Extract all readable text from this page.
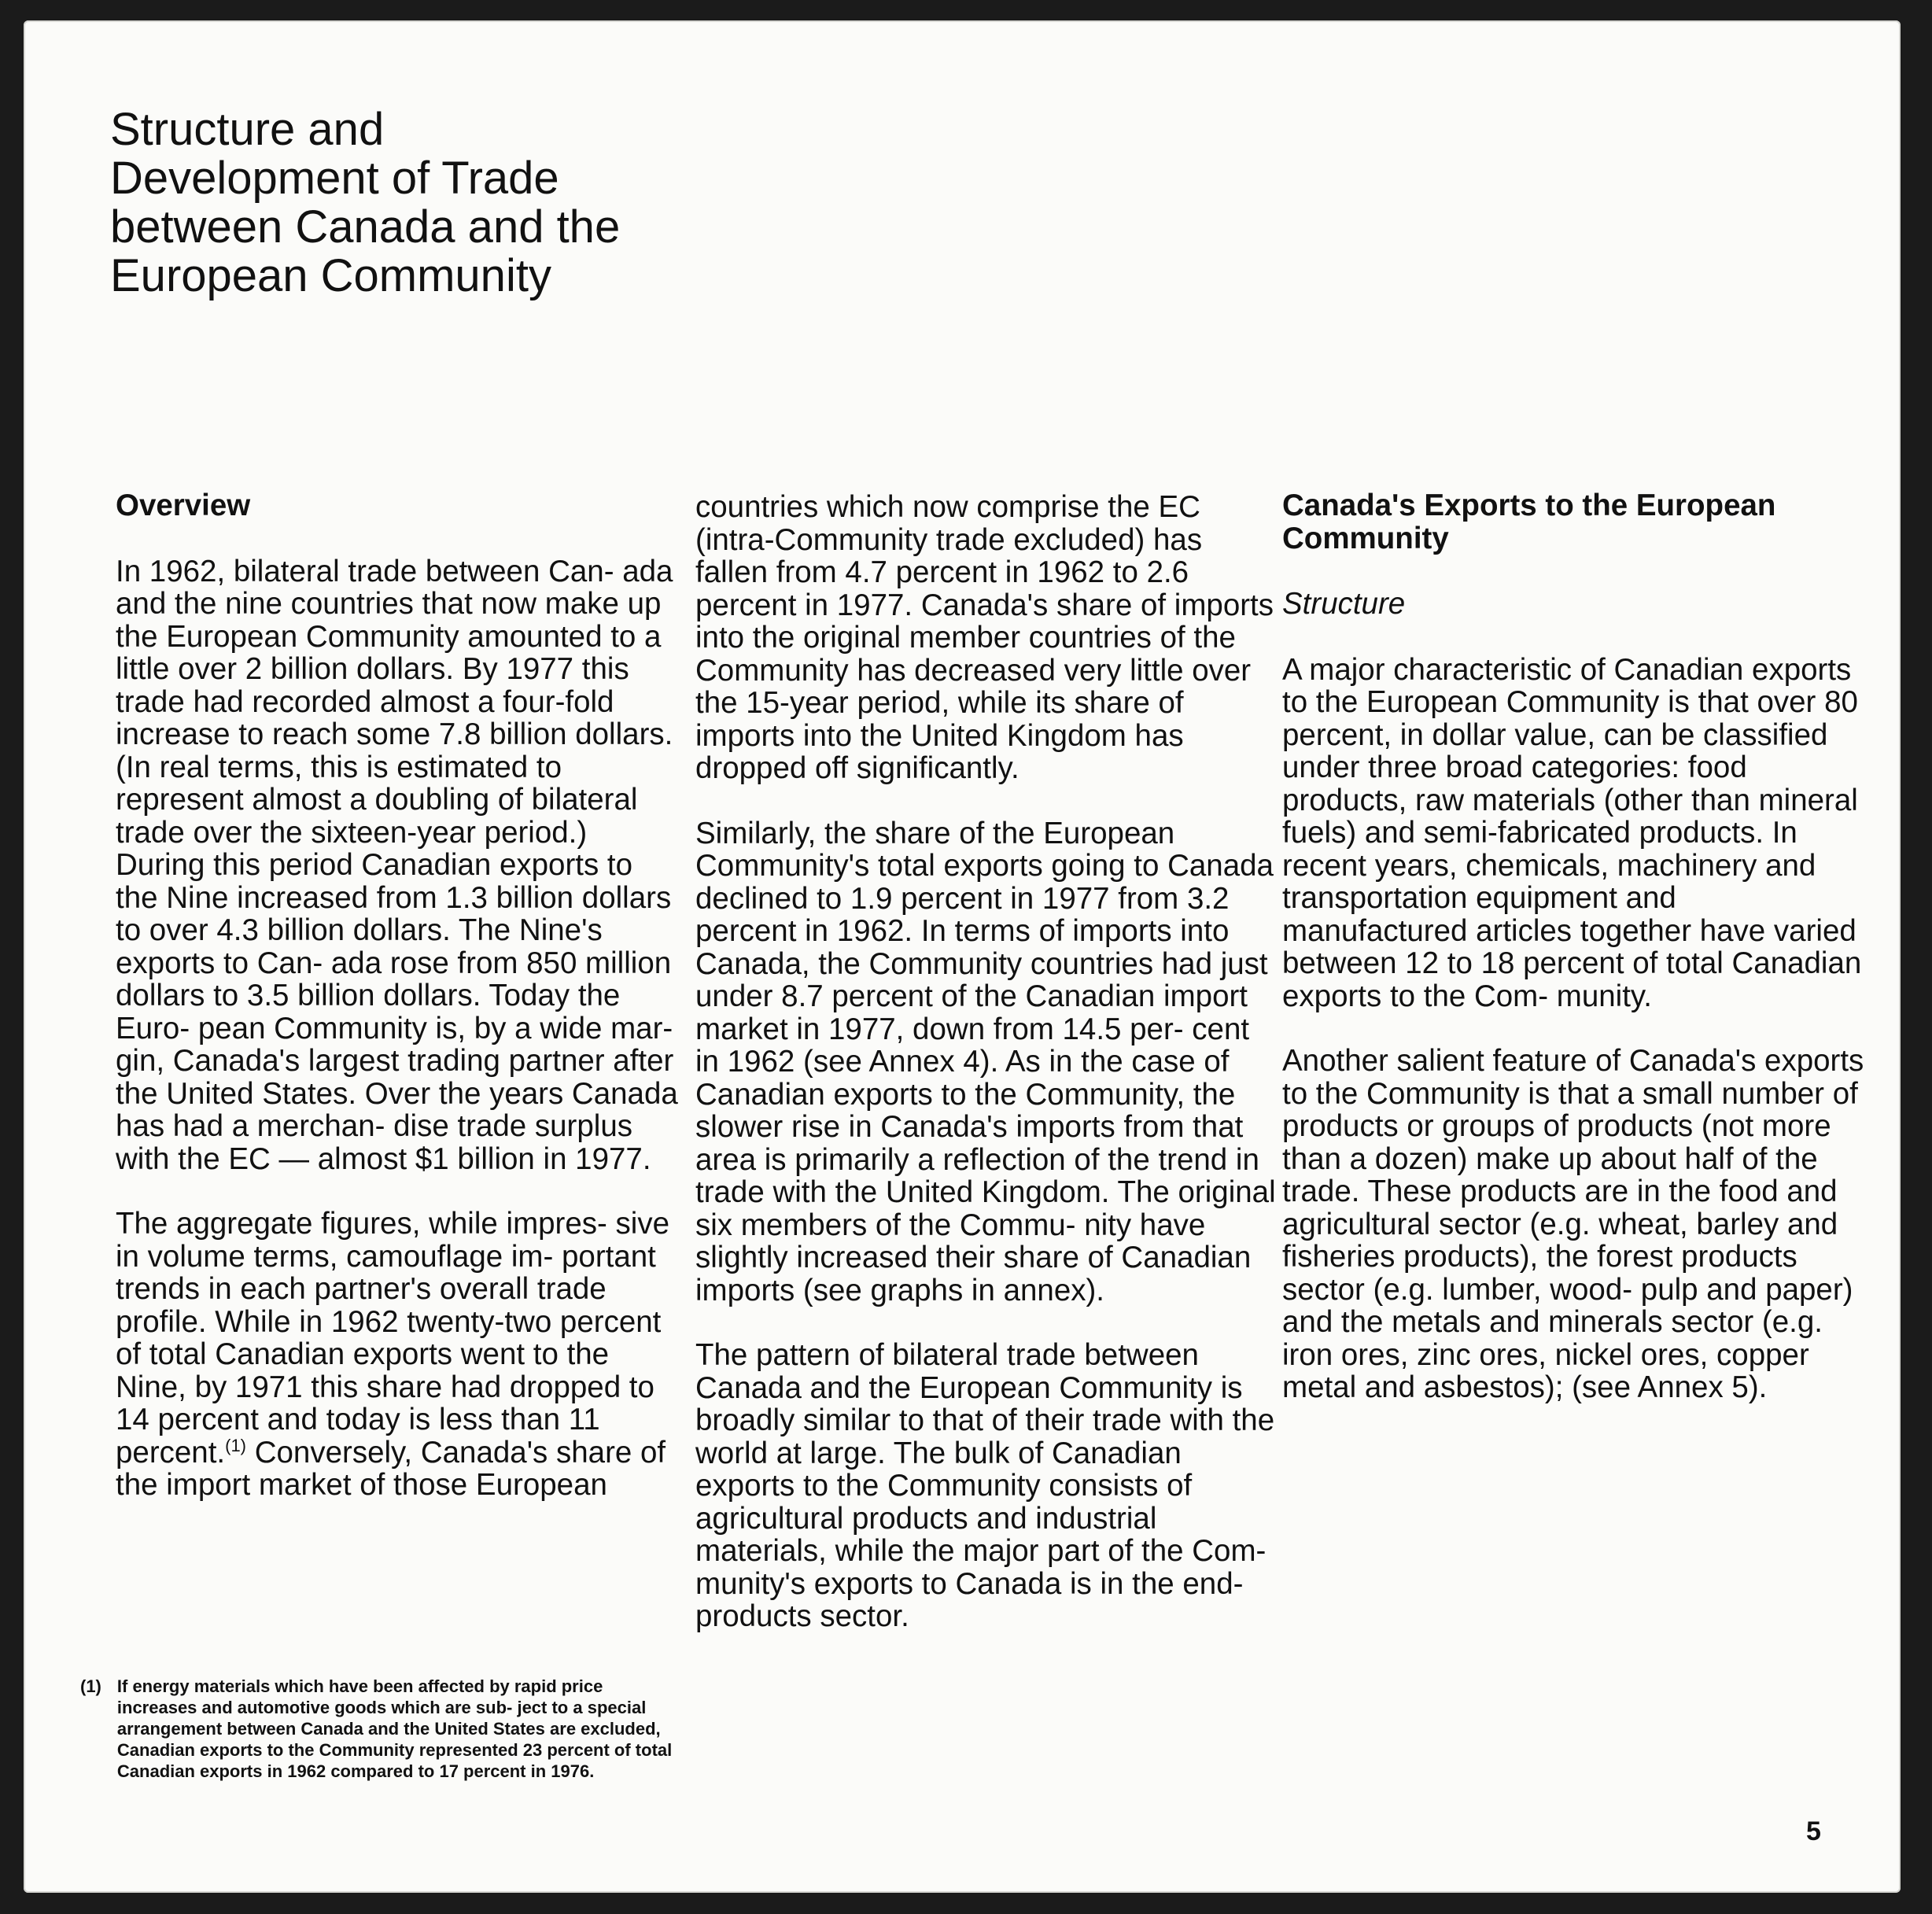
Structure and
Development of Trade
between Canada and the
European Community
Overview

In 1962, bilateral trade between Can- ada and the nine countries that now make up the European Community amounted to a little over 2 billion dollars. By 1977 this trade had recorded almost a four-fold increase to reach some 7.8 billion dollars. (In real terms, this is estimated to represent almost a doubling of bilateral trade over the sixteen-year period.) During this period Canadian exports to the Nine increased from 1.3 billion dollars to over 4.3 billion dollars. The Nine's exports to Can- ada rose from 850 million dollars to 3.5 billion dollars. Today the Euro- pean Community is, by a wide mar- gin, Canada's largest trading partner after the United States. Over the years Canada has had a merchan- dise trade surplus with the EC — almost $1 billion in 1977.

The aggregate figures, while impres- sive in volume terms, camouflage im- portant trends in each partner's overall trade profile. While in 1962 twenty-two percent of total Canadian exports went to the Nine, by 1971 this share had dropped to 14 percent and today is less than 11 percent.$^{(1)}$ Conversely, Canada's share of the import market of those European

countries which now comprise the EC (intra-Community trade excluded) has fallen from 4.7 percent in 1962 to 2.6 percent in 1977. Canada's share of imports into the original member countries of the Community has decreased very little over the 15-year period, while its share of imports into the United Kingdom has dropped off significantly.

Similarly, the share of the European Community's total exports going to Canada declined to 1.9 percent in 1977 from 3.2 percent in 1962. In terms of imports into Canada, the Community countries had just under 8.7 percent of the Canadian import market in 1977, down from 14.5 per- cent in 1962 (see Annex 4). As in the case of Canadian exports to the Community, the slower rise in Canada's imports from that area is primarily a reflection of the trend in trade with the United Kingdom. The original six members of the Commu- nity have slightly increased their share of Canadian imports (see graphs in annex).

The pattern of bilateral trade between Canada and the European Community is broadly similar to that of their trade with the world at large. The bulk of Canadian exports to the Community consists of agricultural products and industrial materials, while the major part of the Com- munity's exports to Canada is in the end-products sector.

Canada's Exports to the European Community
Structure

A major characteristic of Canadian exports to the European Community is that over 80 percent, in dollar value, can be classified under three broad categories: food products, raw materials (other than mineral fuels) and semi-fabricated products. In recent years, chemicals, machinery and transportation equipment and manufactured articles together have varied between 12 to 18 percent of total Canadian exports to the Com- munity.

Another salient feature of Canada's exports to the Community is that a small number of products or groups of products (not more than a dozen) make up about half of the trade. These products are in the food and agricultural sector (e.g. wheat, barley and fisheries products), the forest products sector (e.g. lumber, wood- pulp and paper) and the metals and minerals sector (e.g. iron ores, zinc ores, nickel ores, copper metal and asbestos); (see Annex 5).

(1) If energy materials which have been affected by rapid price increases and automotive goods which are sub- ject to a special arrangement between Canada and the United States are excluded, Canadian exports to the Community represented 23 percent of total Canadian exports in 1962 compared to 17 percent in 1976.
5
